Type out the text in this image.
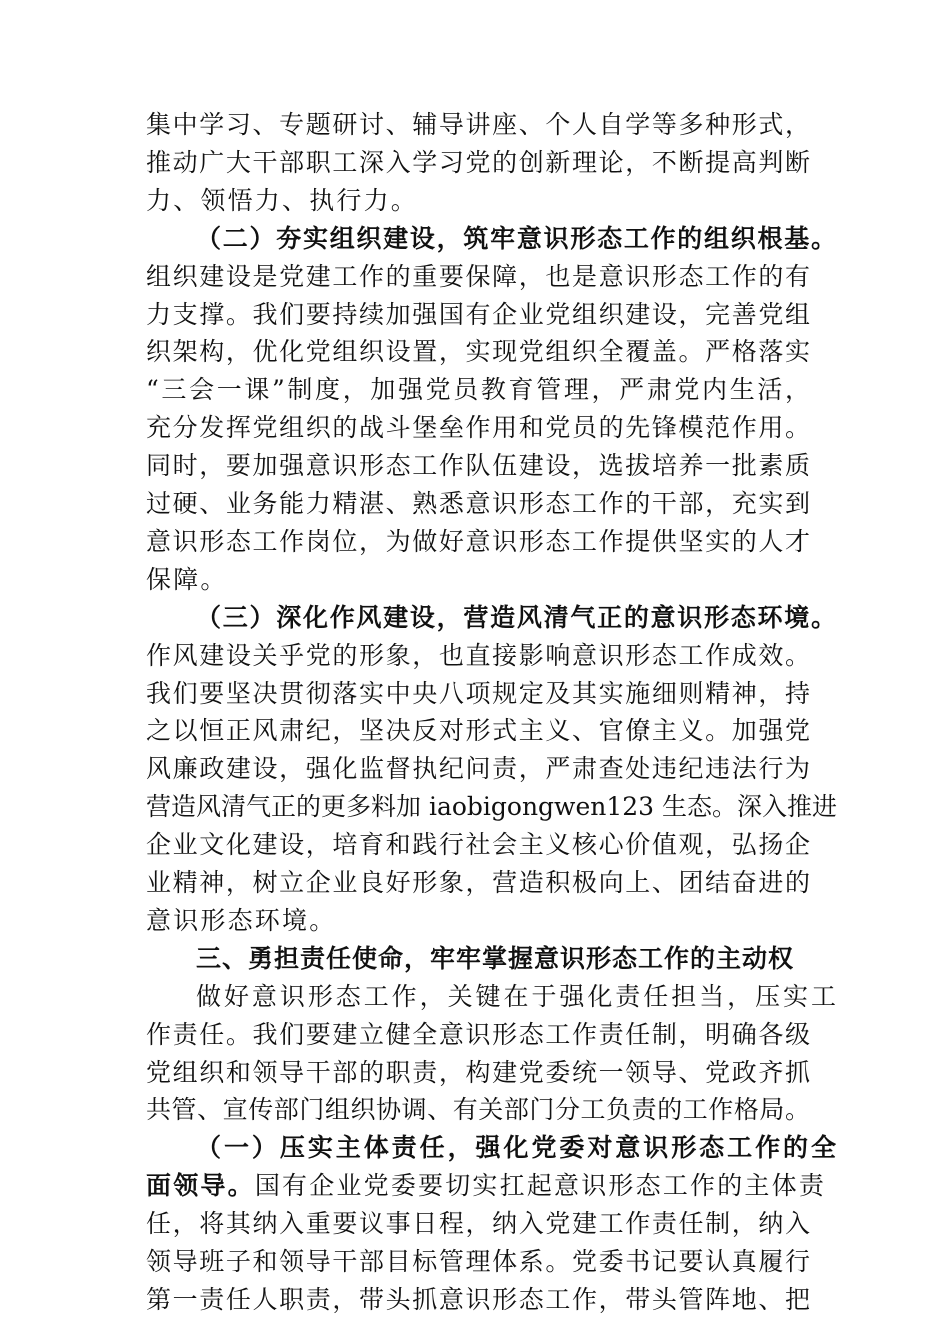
集中学习、专题研讨、辅导讲座、个人自学等多种形式，
推动广大干部职工深入学习党的创新理论，不断提高判断
力、领悟力、执行力。
（二）夯实组织建设，筑牢意识形态工作的组织根基。
组织建设是党建工作的重要保障，也是意识形态工作的有
力支撑。我们要持续加强国有企业党组织建设，完善党组
织架构，优化党组织设置，实现党组织全覆盖。严格落实
“三会一课”制度，加强党员教育管理，严肃党内生活，
充分发挥党组织的战斗堡垒作用和党员的先锋模范作用。
同时，要加强意识形态工作队伍建设，选拔培养一批素质
过硬、业务能力精湛、熟悉意识形态工作的干部，充实到
意识形态工作岗位，为做好意识形态工作提供坚实的人才
保障。
（三）深化作风建设，营造风清气正的意识形态环境。
作风建设关乎党的形象，也直接影响意识形态工作成效。
我们要坚决贯彻落实中央八项规定及其实施细则精神，持
之以恒正风肃纪，坚决反对形式主义、官僚主义。加强党
风廉政建设，强化监督执纪问责，严肃查处违纪违法行为
营造风清气正的更多料加 iaobigongwen123 生态。深入推进
企业文化建设，培育和践行社会主义核心价值观，弘扬企
业精神，树立企业良好形象，营造积极向上、团结奋进的
意识形态环境。
三、勇担责任使命，牢牢掌握意识形态工作的主动权
做好意识形态工作，关键在于强化责任担当，压实工
作责任。我们要建立健全意识形态工作责任制，明确各级
党组织和领导干部的职责，构建党委统一领导、党政齐抓
共管、宣传部门组织协调、有关部门分工负责的工作格局。
（一）压实主体责任，强化党委对意识形态工作的全
面领导。国有企业党委要切实扛起意识形态工作的主体责
任，将其纳入重要议事日程，纳入党建工作责任制，纳入
领导班子和领导干部目标管理体系。党委书记要认真履行
第一责任人职责，带头抓意识形态工作，带头管阵地、把
